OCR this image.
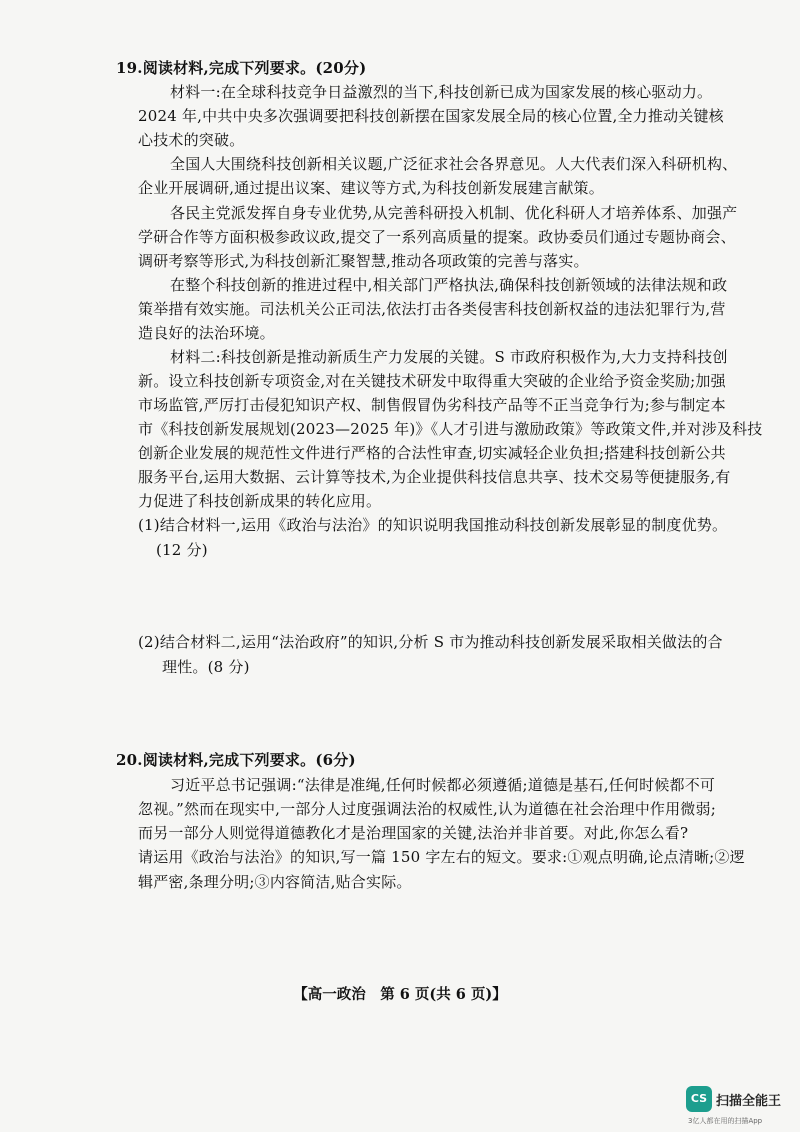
19.阅读材料,完成下列要求。(20分)
材料一:在全球科技竞争日益激烈的当下,科技创新已成为国家发展的核心驱动力。
2024 年,中共中央多次强调要把科技创新摆在国家发展全局的核心位置,全力推动关键核
心技术的突破。
全国人大围绕科技创新相关议题,广泛征求社会各界意见。人大代表们深入科研机构、
企业开展调研,通过提出议案、建议等方式,为科技创新发展建言献策。
各民主党派发挥自身专业优势,从完善科研投入机制、优化科研人才培养体系、加强产
学研合作等方面积极参政议政,提交了一系列高质量的提案。政协委员们通过专题协商会、
调研考察等形式,为科技创新汇聚智慧,推动各项政策的完善与落实。
在整个科技创新的推进过程中,相关部门严格执法,确保科技创新领域的法律法规和政
策举措有效实施。司法机关公正司法,依法打击各类侵害科技创新权益的违法犯罪行为,营
造良好的法治环境。
材料二:科技创新是推动新质生产力发展的关键。S 市政府积极作为,大力支持科技创
新。设立科技创新专项资金,对在关键技术研发中取得重大突破的企业给予资金奖励;加强
市场监管,严厉打击侵犯知识产权、制售假冒伪劣科技产品等不正当竞争行为;参与制定本
市《科技创新发展规划(2023—2025 年)》《人才引进与激励政策》等政策文件,并对涉及科技
创新企业发展的规范性文件进行严格的合法性审查,切实减轻企业负担;搭建科技创新公共
服务平台,运用大数据、云计算等技术,为企业提供科技信息共享、技术交易等便捷服务,有
力促进了科技创新成果的转化应用。
(1)结合材料一,运用《政治与法治》的知识说明我国推动科技创新发展彰显的制度优势。
(12 分)
(2)结合材料二,运用“法治政府”的知识,分析 S 市为推动科技创新发展采取相关做法的合
理性。(8 分)
20.阅读材料,完成下列要求。(6分)
习近平总书记强调:“法律是准绳,任何时候都必须遵循;道德是基石,任何时候都不可
忽视。”然而在现实中,一部分人过度强调法治的权威性,认为道德在社会治理中作用微弱;
而另一部分人则觉得道德教化才是治理国家的关键,法治并非首要。对此,你怎么看?
请运用《政治与法治》的知识,写一篇 150 字左右的短文。要求:①观点明确,论点清晰;②逻
辑严密,条理分明;③内容简洁,贴合实际。
【高一政治　第 6 页(共 6 页)】
CS 扫描全能王
3亿人都在用的扫描App
